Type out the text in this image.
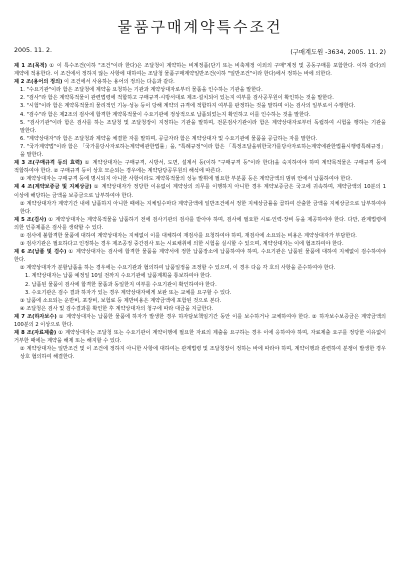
물품구매계약특수조건
2005. 11. 2.	(구매계도원 -3634, 2005. 11. 2)

제 1 조(목적) ① 이 특수조건(이하 "조건"이라 한다)은 조달청이 계약하는 비계정품(단기 또는 비축계정 이외의 구매"계정 및 공동구매를 포함한다. 이하 같다)의 계약에 적용한다. 이 조건에서 정하지 않는 사항에 대하여는 조달청 물품구매계약일반조건(이하 "일반조건"이라 한다)에서 정하는 바에 의한다.

제 2 조(용어의 정의) 이 조건에서 사용하는 용어의 정의는 다음과 같다.

1. "수요기관"이라 함은 조달청에 계약을 요청하는 기관과 계약상대자로부터 물품을 인수하는 기관을 말한다.

2. "검사"라 함은 계약목적물이 관련법령에 적합하고 구매규격·시방서대로 제조·설치되어 있는지 여부를 검사공무원이 확인하는 것을 말한다.

3. "시험"이라 함은 계약목적물의 물리적인 기능·성능 등이 당해 계약의 규격에 적합하지 여부를 판정하는 것을 말하며 이는 검사의 일부로서 수행한다.

4. "검수"라 함은 제2조의 검사에 합격한 계약목적물이 수요기관에 정상적으로 납품되었는지 확인하고 이를 인수하는 것을 말한다.

5. "검사기관"이라 함은 검사를 하는 조달청 및 조달청장이 지정하는 기관을 말하며, 전문검사기관이라 함은 계약상대자로부터 독립하여 시험을 행하는 기관을 말한다.

6. "계약상대자"라 함은 조달청과 계약을 체결한 자를 말하며, 공급자라 함은 계약상대자 및 수요기관에 물품을 공급하는 자를 말한다.

7. "국가계약법"이라 함은 「국가를당사자로하는계약에관한법률」을, "특례규정"이라 함은 「특정조달을위한국가를당사자로하는계약에관한법률시행령특례규정」을 말한다.

제 3 조(구매규격 등의 효력) ① 계약상대자는 구매규격, 시방서, 도면, 설계서 등(이하 "구매규격 등"이라 한다)을 숙지하여야 하며 계약목적물은 구매규격 등에 적합하여야 한다. ② 구매규격 등이 상호 모순되는 경우에는 계약담당공무원의 해석에 따른다.

③ 계약상대자는 구매규격 등에 명시되지 아니한 사항이라도 계약목적물의 성능 발휘에 필요한 부분품 등은 계약금액의 범위 안에서 납품하여야 한다.

제 4 조(계약보증금 및 지체상금) ① 계약상대자가 정당한 이유없이 계약상의 의무를 이행하지 아니한 경우 계약보증금은 국고에 귀속하며, 계약금액의 10분의 1 이상에 해당하는 금액을 보증금으로 납부하여야 한다.

② 계약상대자가 계약기간 내에 납품하지 아니한 때에는 지체일수마다 계약금액에 일반조건에서 정한 지체상금률을 곱하여 산출한 금액을 지체상금으로 납부하여야 한다.

제 5 조(검사) ① 계약상대자는 계약목적물을 납품하기 전에 검사기관의 검사를 받아야 하며, 검사에 필요한 시료·인력·장비 등을 제공하여야 한다. 다만, 관계법령에 의한 인증제품은 검사를 생략할 수 있다.

② 검사에 불합격한 물품에 대하여 계약상대자는 지체없이 이를 대체하여 재검사를 요청하여야 하며, 재검사에 소요되는 비용은 계약상대자가 부담한다.

③ 검사기관은 필요하다고 인정하는 경우 제조공정 중간검사 또는 시료채취에 의한 시험을 실시할 수 있으며, 계약상대자는 이에 협조하여야 한다.

제 6 조(납품 및 검수) ① 계약상대자는 검사에 합격한 물품을 계약서에 정한 납품장소에 납품하여야 하며, 수요기관은 납품된 물품에 대하여 지체없이 검수하여야 한다.

② 계약상대자가 분할납품을 하는 경우에는 수요기관과 협의하여 납품일정을 조정할 수 있으며, 이 경우 다음 각 호의 사항을 준수하여야 한다.

1. 계약상대자는 납품 예정일 10일 전까지 수요기관에 납품계획을 통보하여야 한다.

2. 납품된 물품이 검사에 합격한 물품과 동일한지 여부를 수요기관이 확인하여야 한다.

3. 수요기관은 검수 결과 하자가 있는 경우 계약상대자에게 보완 또는 교체를 요구할 수 있다.

③ 납품에 소요되는 운반비, 포장비, 보험료 등 제반비용은 계약금액에 포함된 것으로 본다.

④ 조달청은 검사 및 검수결과를 확인한 후 계약상대자의 청구에 따라 대금을 지급한다.

제 7 조(하자보수) ① 계약상대자는 납품한 물품에 하자가 발생한 경우 하자담보책임기간 동안 이를 보수하거나 교체하여야 한다. ② 하자보수보증금은 계약금액의 100분의 2 이상으로 한다.

제 8 조(자료제출) ① 계약상대자는 조달청 또는 수요기관이 계약이행에 필요한 자료의 제출을 요구하는 경우 이에 응하여야 하며, 자료제출 요구를 정당한 이유없이 거부한 때에는 계약을 해제 또는 해지할 수 있다.

② 계약상대자는 일반조건 및 이 조건에 정하지 아니한 사항에 대하여는 관계법령 및 조달청장이 정하는 바에 따라야 하며, 계약이행과 관련하여 분쟁이 발생한 경우 상호 협의하여 해결한다.
